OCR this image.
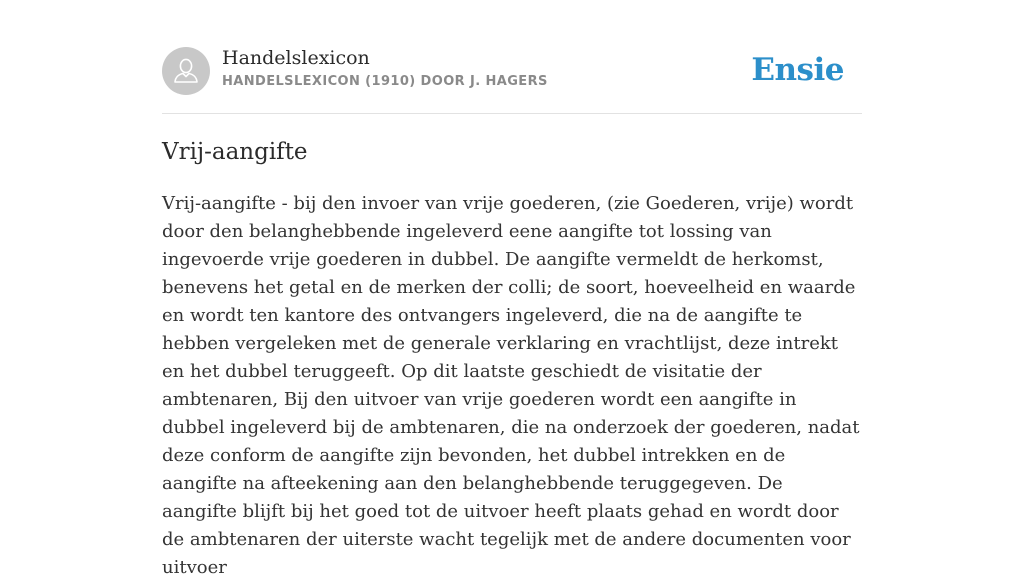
Handelslexicon
HANDELSLEXICON (1910) DOOR J. HAGERS	Ensie
Vrij-aangifte

Vrij-aangifte - bij den invoer van vrije goederen, (zie Goederen, vrije) wordt door den belanghebbende ingeleverd eene aangifte tot lossing van ingevoerde vrije goederen in dubbel. De aangifte vermeldt de herkomst, benevens het getal en de merken der colli; de soort, hoeveelheid en waarde en wordt ten kantore des ontvangers ingeleverd, die na de aangifte te hebben vergeleken met de generale verklaring en vrachtlijst, deze intrekt en het dubbel teruggeeft. Op dit laatste geschiedt de visitatie der ambtenaren, Bij den uitvoer van vrije goederen wordt een aangifte in dubbel ingeleverd bij de ambtenaren, die na onderzoek der goederen, nadat deze conform de aangifte zijn bevonden, het dubbel intrekken en de aangifte na afteekening aan den belanghebbende teruggegeven. De aangifte blijft bij het goed tot de uitvoer heeft plaats gehad en wordt door de ambtenaren der uiterste wacht tegelijk met de andere documenten voor uitvoer
